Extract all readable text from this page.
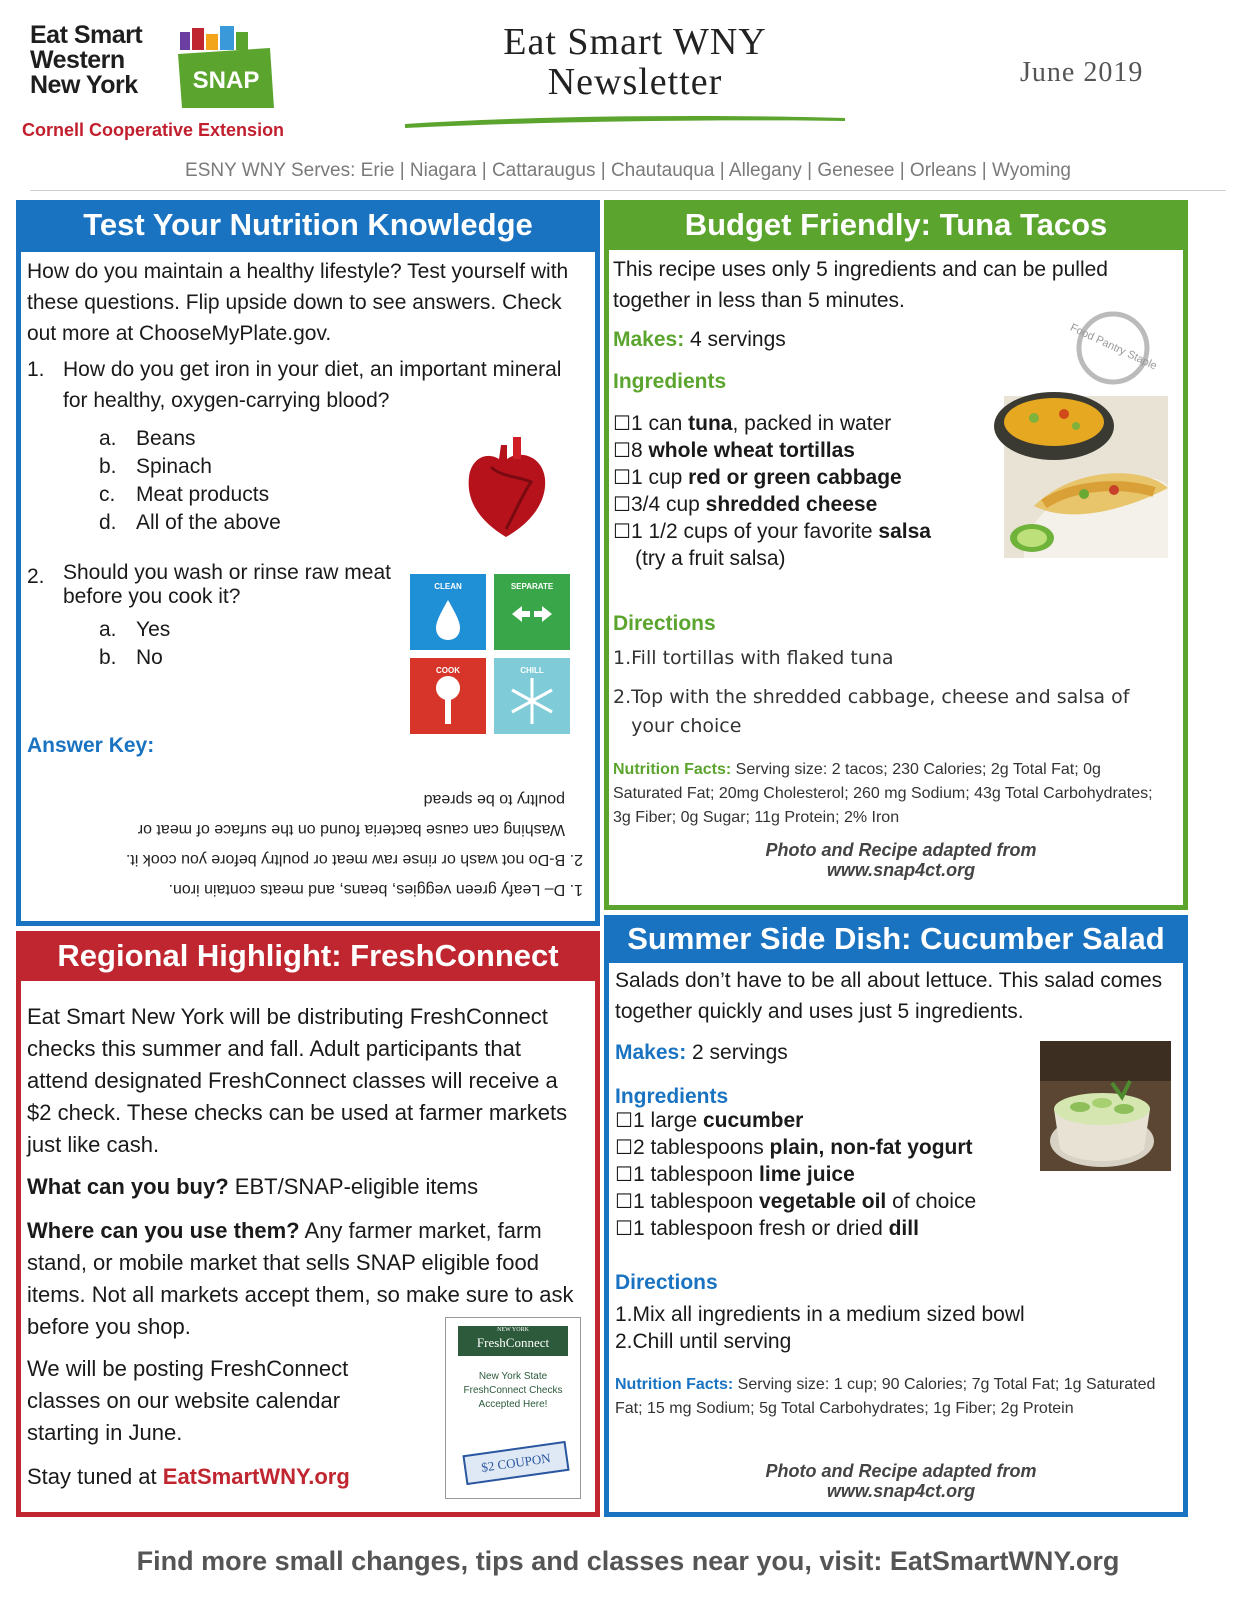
Eat Smart
Western
New York SNAP
Cornell Cooperative Extension
Eat Smart WNY
Newsletter	June 2019
ESNY WNY Serves: Erie | Niagara | Cattaraugus | Chautauqua | Allegany | Genesee | Orleans | Wyoming
Test Your Nutrition Knowledge
How do you maintain a healthy lifestyle? Test yourself with these questions. Flip upside down to see answers. Check out more at ChooseMyPlate.gov.
1. How do you get iron in your diet, an important mineral for healthy, oxygen-carrying blood?
a. Beans
b. Spinach
c. Meat products
d. All of the above
2. Should you wash or rinse raw meat before you cook it?
a. Yes
b. No
CLEAN	SEPARATE
COOK	CHILL
Answer Key:
1. D– Leafy green veggies, beans, and meats contain iron.
2. B-Do not wash or rinse raw meat or poultry before you cook it.
Washing can cause bacteria found on the surface of meat or
poultry to be spread
Budget Friendly: Tuna Tacos
This recipe uses only 5 ingredients and can be pulled together in less than 5 minutes.
Makes: 4 servings	Food Pantry Staple
Ingredients
☐1 can tuna, packed in water
☐8 whole wheat tortillas
☐1 cup red or green cabbage
☐3/4 cup shredded cheese
☐1 1/2 cups of your favorite salsa
(try a fruit salsa)
Directions
1. Fill tortillas with flaked tuna
2. Top with the shredded cabbage, cheese and salsa of your choice
Nutrition Facts: Serving size: 2 tacos; 230 Calories; 2g Total Fat; 0g Saturated Fat; 20mg Cholesterol; 260 mg Sodium; 43g Total Carbohydrates; 3g Fiber; 0g Sugar; 11g Protein; 2% Iron
Photo and Recipe adapted from
www.snap4ct.org
Regional Highlight: FreshConnect
Eat Smart New York will be distributing FreshConnect checks this summer and fall. Adult participants that attend designated FreshConnect classes will receive a $2 check. These checks can be used at farmer markets just like cash.
What can you buy? EBT/SNAP-eligible items
Where can you use them? Any farmer market, farm stand, or mobile market that sells SNAP eligible food items. Not all markets accept them, so make sure to ask before you shop.
We will be posting FreshConnect classes on our website calendar starting in June.
Stay tuned at EatSmartWNY.org
NEW YORK
FreshConnect
New York State FreshConnect Checks Accepted Here!
$2 COUPON
Summer Side Dish: Cucumber Salad
Salads don’t have to be all about lettuce. This salad comes together quickly and uses just 5 ingredients.
Makes: 2 servings
Ingredients
☐1 large cucumber
☐2 tablespoons plain, non-fat yogurt
☐1 tablespoon lime juice
☐1 tablespoon vegetable oil of choice
☐1 tablespoon fresh or dried dill
Directions
1.Mix all ingredients in a medium sized bowl
2.Chill until serving
Nutrition Facts: Serving size: 1 cup; 90 Calories; 7g Total Fat; 1g Saturated Fat; 15 mg Sodium; 5g Total Carbohydrates; 1g Fiber; 2g Protein
Photo and Recipe adapted from
www.snap4ct.org
Find more small changes, tips and classes near you, visit: EatSmartWNY.org
